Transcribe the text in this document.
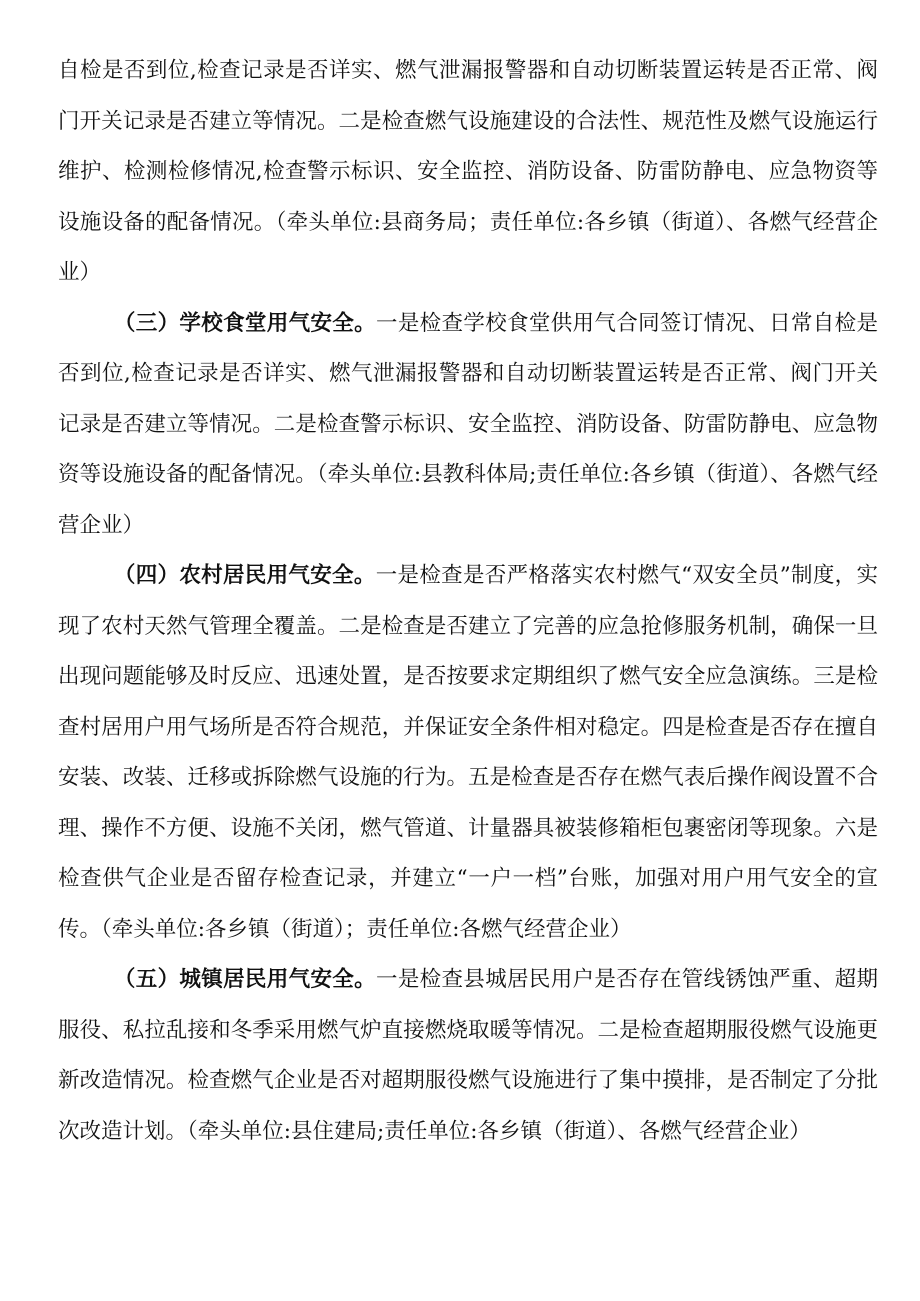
自检是否到位,检查记录是否详实、燃气泄漏报警器和自动切断装置运转是否正常、阀门开关记录是否建立等情况。二是检查燃气设施建设的合法性、规范性及燃气设施运行维护、检测检修情况,检查警示标识、安全监控、消防设备、防雷防静电、应急物资等设施设备的配备情况。（牵头单位:县商务局；责任单位:各乡镇（街道）、各燃气经营企业）

（三）学校食堂用气安全。一是检查学校食堂供用气合同签订情况、日常自检是否到位,检查记录是否详实、燃气泄漏报警器和自动切断装置运转是否正常、阀门开关记录是否建立等情况。二是检查警示标识、安全监控、消防设备、防雷防静电、应急物资等设施设备的配备情况。（牵头单位:县教科体局;责任单位:各乡镇（街道）、各燃气经营企业）

（四）农村居民用气安全。一是检查是否严格落实农村燃气“双安全员”制度，实现了农村天然气管理全覆盖。二是检查是否建立了完善的应急抢修服务机制，确保一旦出现问题能够及时反应、迅速处置，是否按要求定期组织了燃气安全应急演练。三是检查村居用户用气场所是否符合规范，并保证安全条件相对稳定。四是检查是否存在擅自安装、改装、迁移或拆除燃气设施的行为。五是检查是否存在燃气表后操作阀设置不合理、操作不方便、设施不关闭，燃气管道、计量器具被装修箱柜包裹密闭等现象。六是检查供气企业是否留存检查记录，并建立“一户一档”台账，加强对用户用气安全的宣传。（牵头单位:各乡镇（街道）；责任单位:各燃气经营企业）

（五）城镇居民用气安全。一是检查县城居民用户是否存在管线锈蚀严重、超期服役、私拉乱接和冬季采用燃气炉直接燃烧取暖等情况。二是检查超期服役燃气设施更新改造情况。检查燃气企业是否对超期服役燃气设施进行了集中摸排，是否制定了分批次改造计划。（牵头单位:县住建局;责任单位:各乡镇（街道）、各燃气经营企业）
